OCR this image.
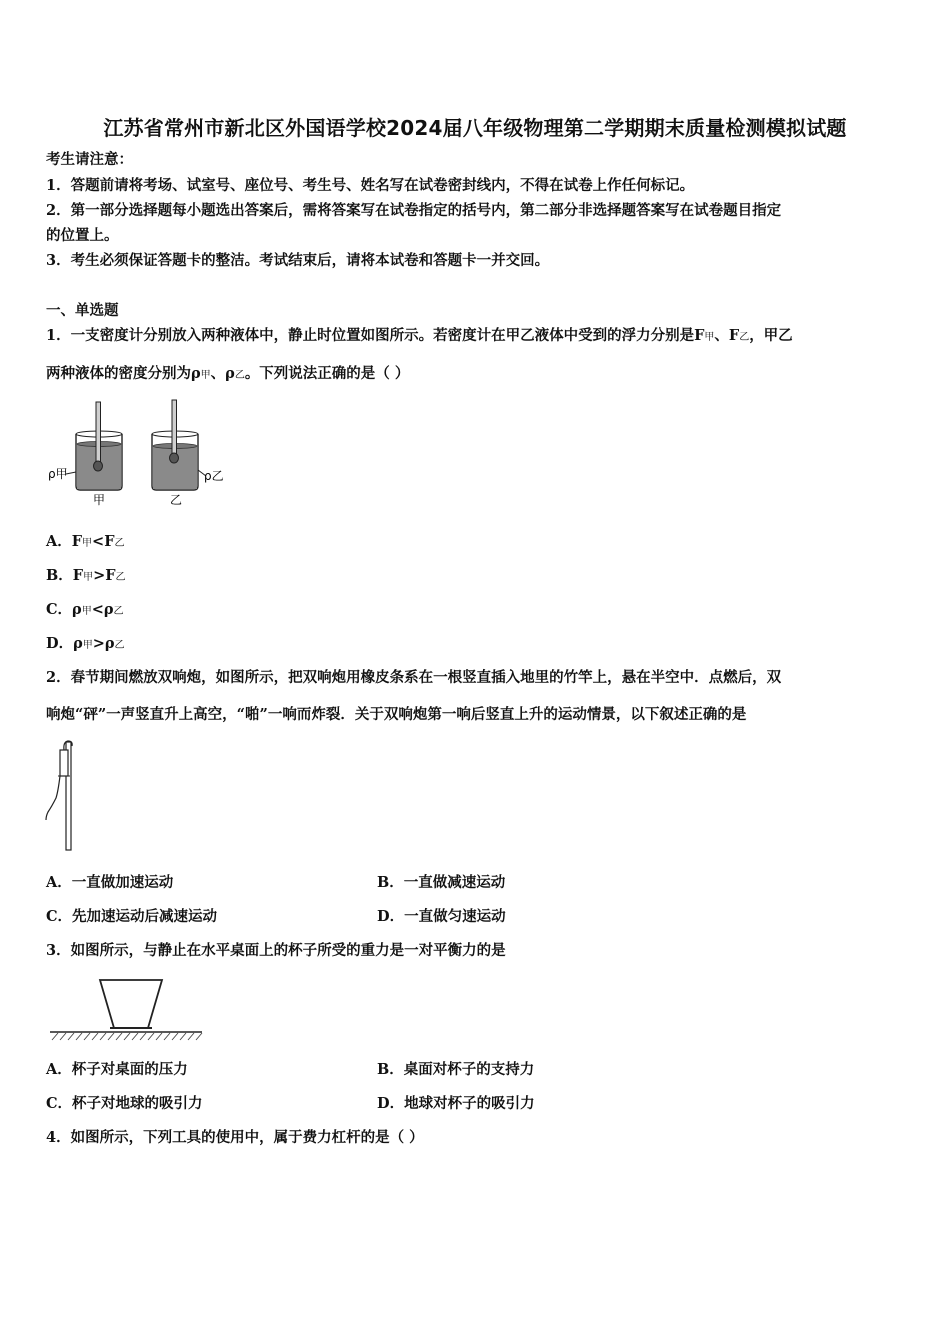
江苏省常州市新北区外国语学校2024届八年级物理第二学期期末质量检测模拟试题
考生请注意：
1．答题前请将考场、试室号、座位号、考生号、姓名写在试卷密封线内，不得在试卷上作任何标记。
2．第一部分选择题每小题选出答案后，需将答案写在试卷指定的括号内，第二部分非选择题答案写在试卷题目指定
的位置上。
3．考生必须保证答题卡的整洁。考试结束后，请将本试卷和答题卡一并交回。
一、单选题
1．一支密度计分别放入两种液体中，静止时位置如图所示。若密度计在甲乙液体中受到的浮力分别是F甲、F乙，甲乙
两种液体的密度分别为ρ甲、ρ乙。下列说法正确的是（ ）
ρ甲	ρ乙
甲	乙
A．F甲<F乙
B．F甲>F乙
C．ρ甲<ρ乙
D．ρ甲>ρ乙
2．春节期间燃放双响炮，如图所示，把双响炮用橡皮条系在一根竖直插入地里的竹竿上，悬在半空中．点燃后，双
响炮“砰”一声竖直升上高空，“啪”一响而炸裂．关于双响炮第一响后竖直上升的运动情景，以下叙述正确的是
A．一直做加速运动	B．一直做减速运动
C．先加速运动后减速运动	D．一直做匀速运动
3．如图所示，与静止在水平桌面上的杯子所受的重力是一对平衡力的是
A．杯子对桌面的压力	B．桌面对杯子的支持力
C．杯子对地球的吸引力	D．地球对杯子的吸引力
4．如图所示，下列工具的使用中，属于费力杠杆的是（ ）
